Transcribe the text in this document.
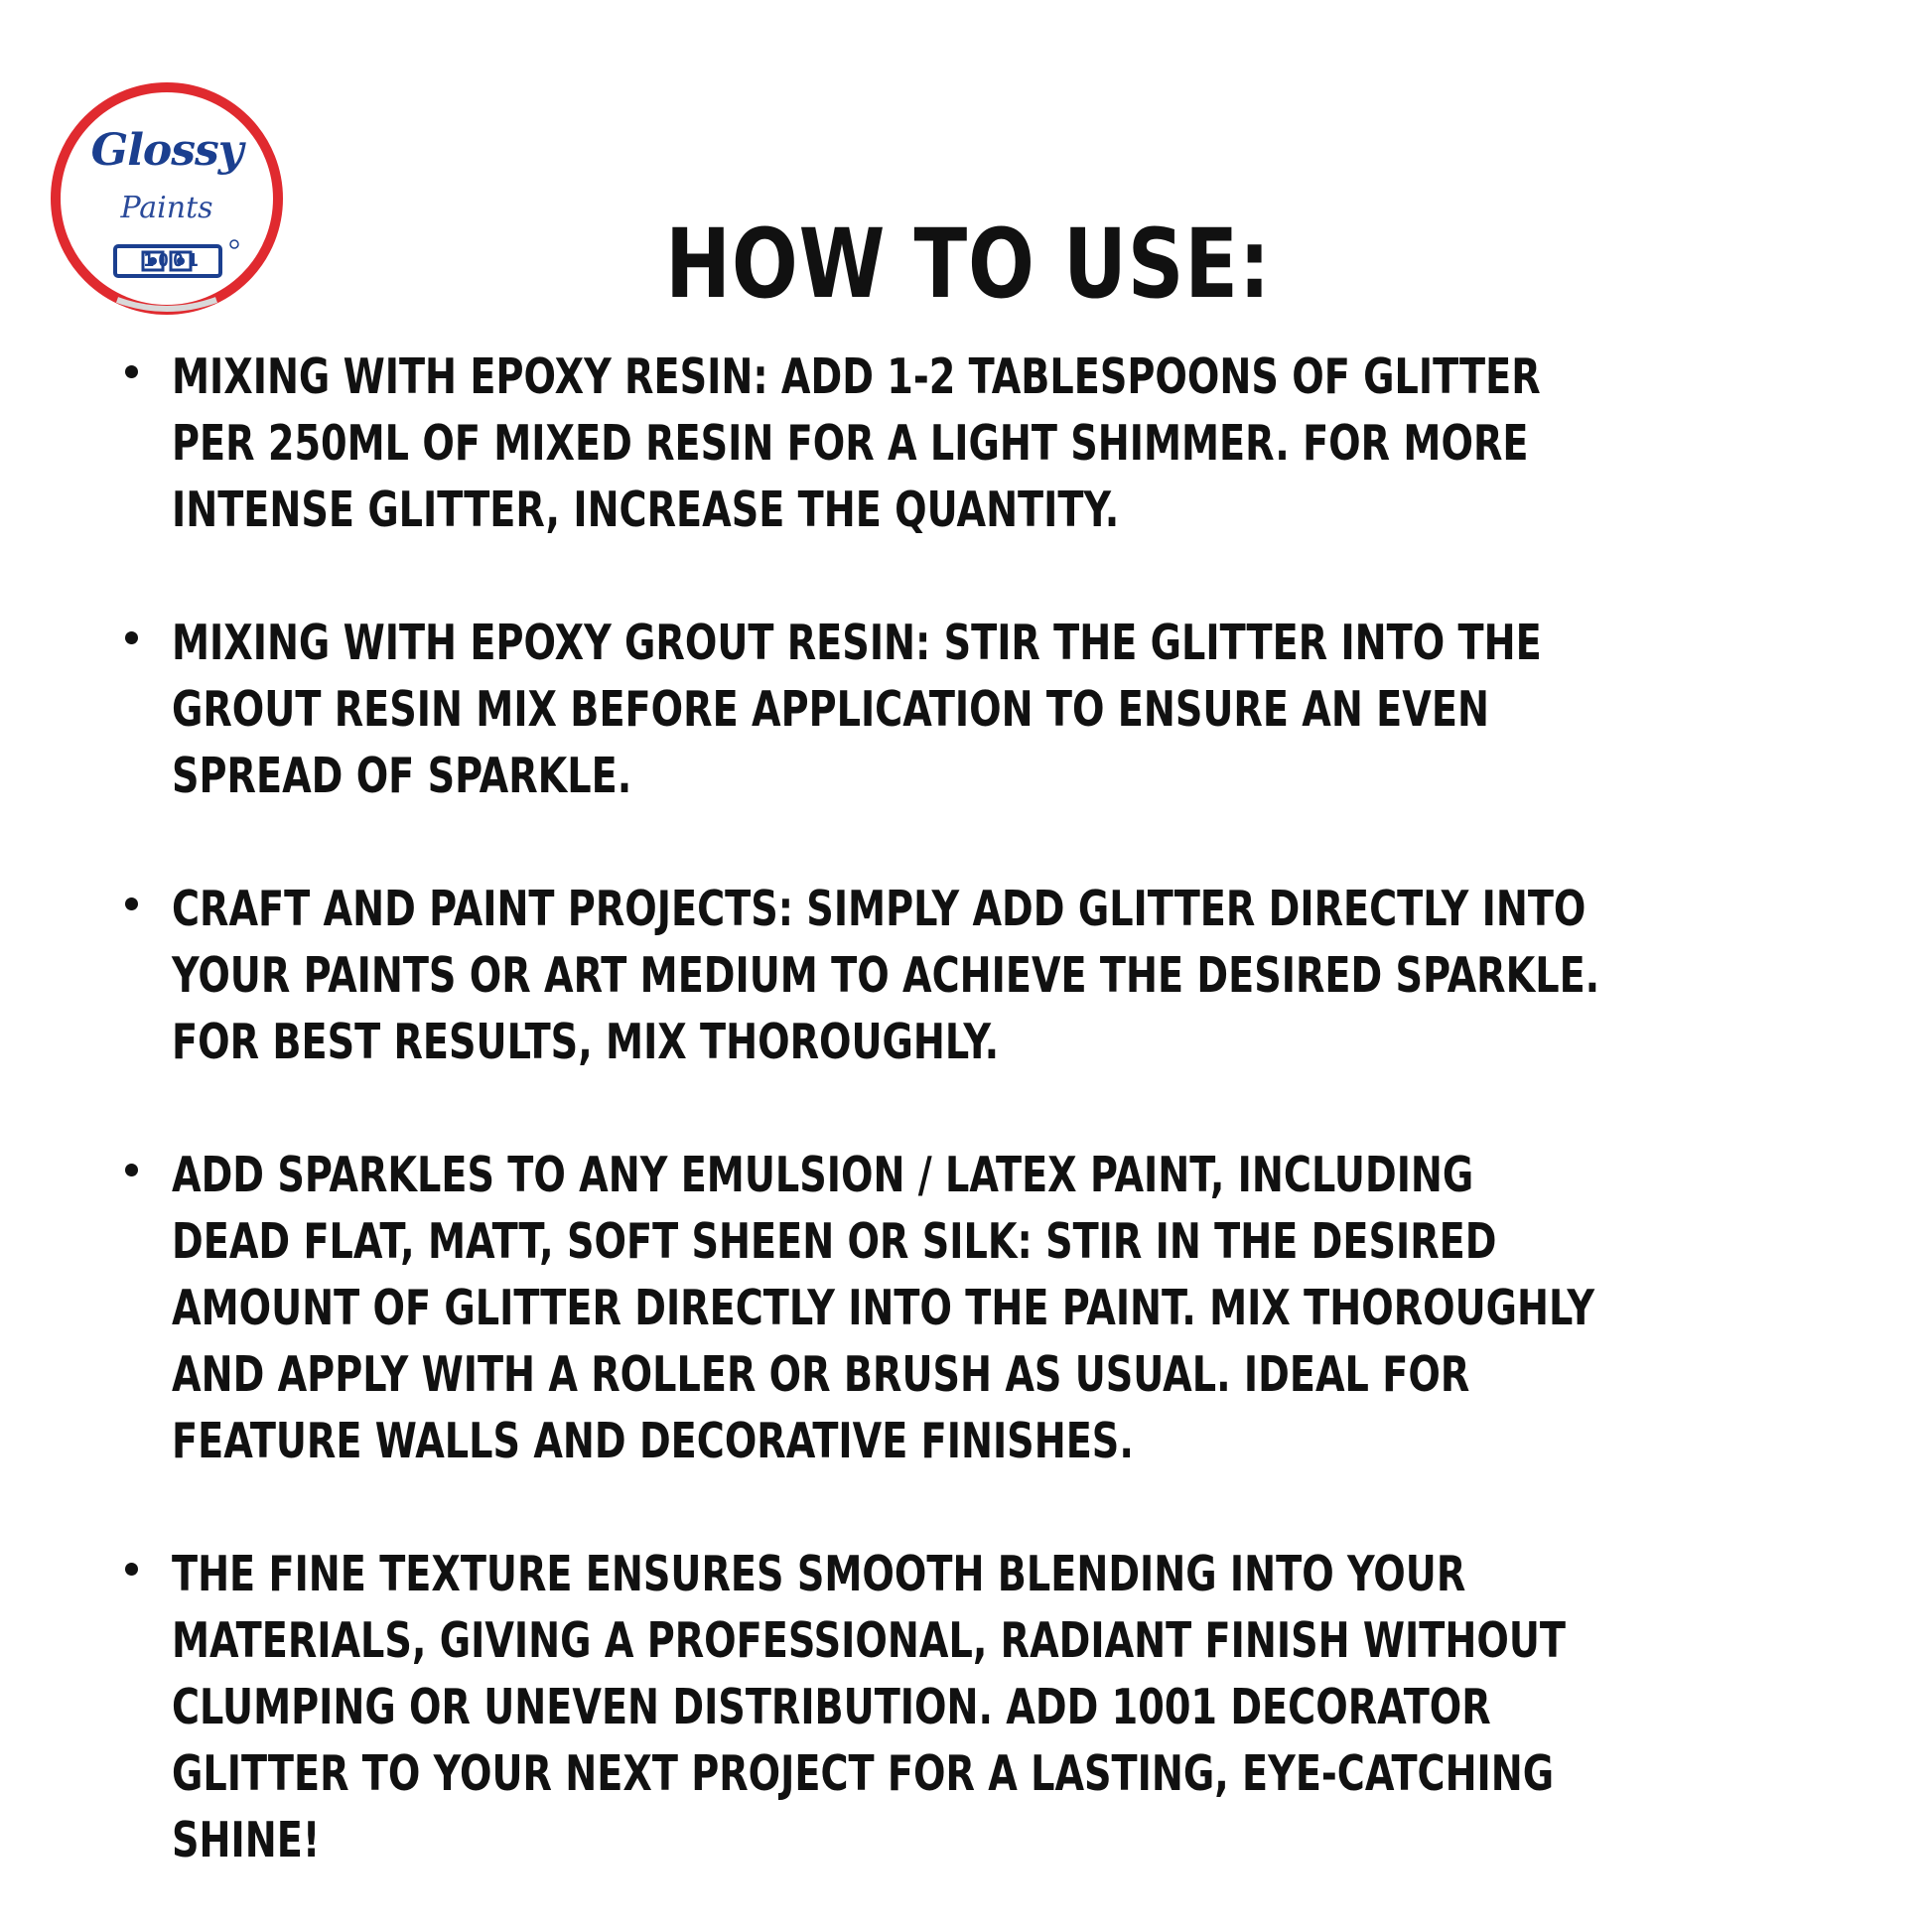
Glossy
Paints
1001	HOW TO USE:
MIXING WITH EPOXY RESIN: ADD 1-2 TABLESPOONS OF GLITTER
PER 250ML OF MIXED RESIN FOR A LIGHT SHIMMER. FOR MORE
INTENSE GLITTER, INCREASE THE QUANTITY.
MIXING WITH EPOXY GROUT RESIN: STIR THE GLITTER INTO THE
GROUT RESIN MIX BEFORE APPLICATION TO ENSURE AN EVEN
SPREAD OF SPARKLE.
CRAFT AND PAINT PROJECTS: SIMPLY ADD GLITTER DIRECTLY INTO
YOUR PAINTS OR ART MEDIUM TO ACHIEVE THE DESIRED SPARKLE.
FOR BEST RESULTS, MIX THOROUGHLY.
ADD SPARKLES TO ANY EMULSION / LATEX PAINT, INCLUDING
DEAD FLAT, MATT, SOFT SHEEN OR SILK: STIR IN THE DESIRED
AMOUNT OF GLITTER DIRECTLY INTO THE PAINT. MIX THOROUGHLY
AND APPLY WITH A ROLLER OR BRUSH AS USUAL. IDEAL FOR
FEATURE WALLS AND DECORATIVE FINISHES.
THE FINE TEXTURE ENSURES SMOOTH BLENDING INTO YOUR
MATERIALS, GIVING A PROFESSIONAL, RADIANT FINISH WITHOUT
CLUMPING OR UNEVEN DISTRIBUTION. ADD 1001 DECORATOR
GLITTER TO YOUR NEXT PROJECT FOR A LASTING, EYE-CATCHING
SHINE!
